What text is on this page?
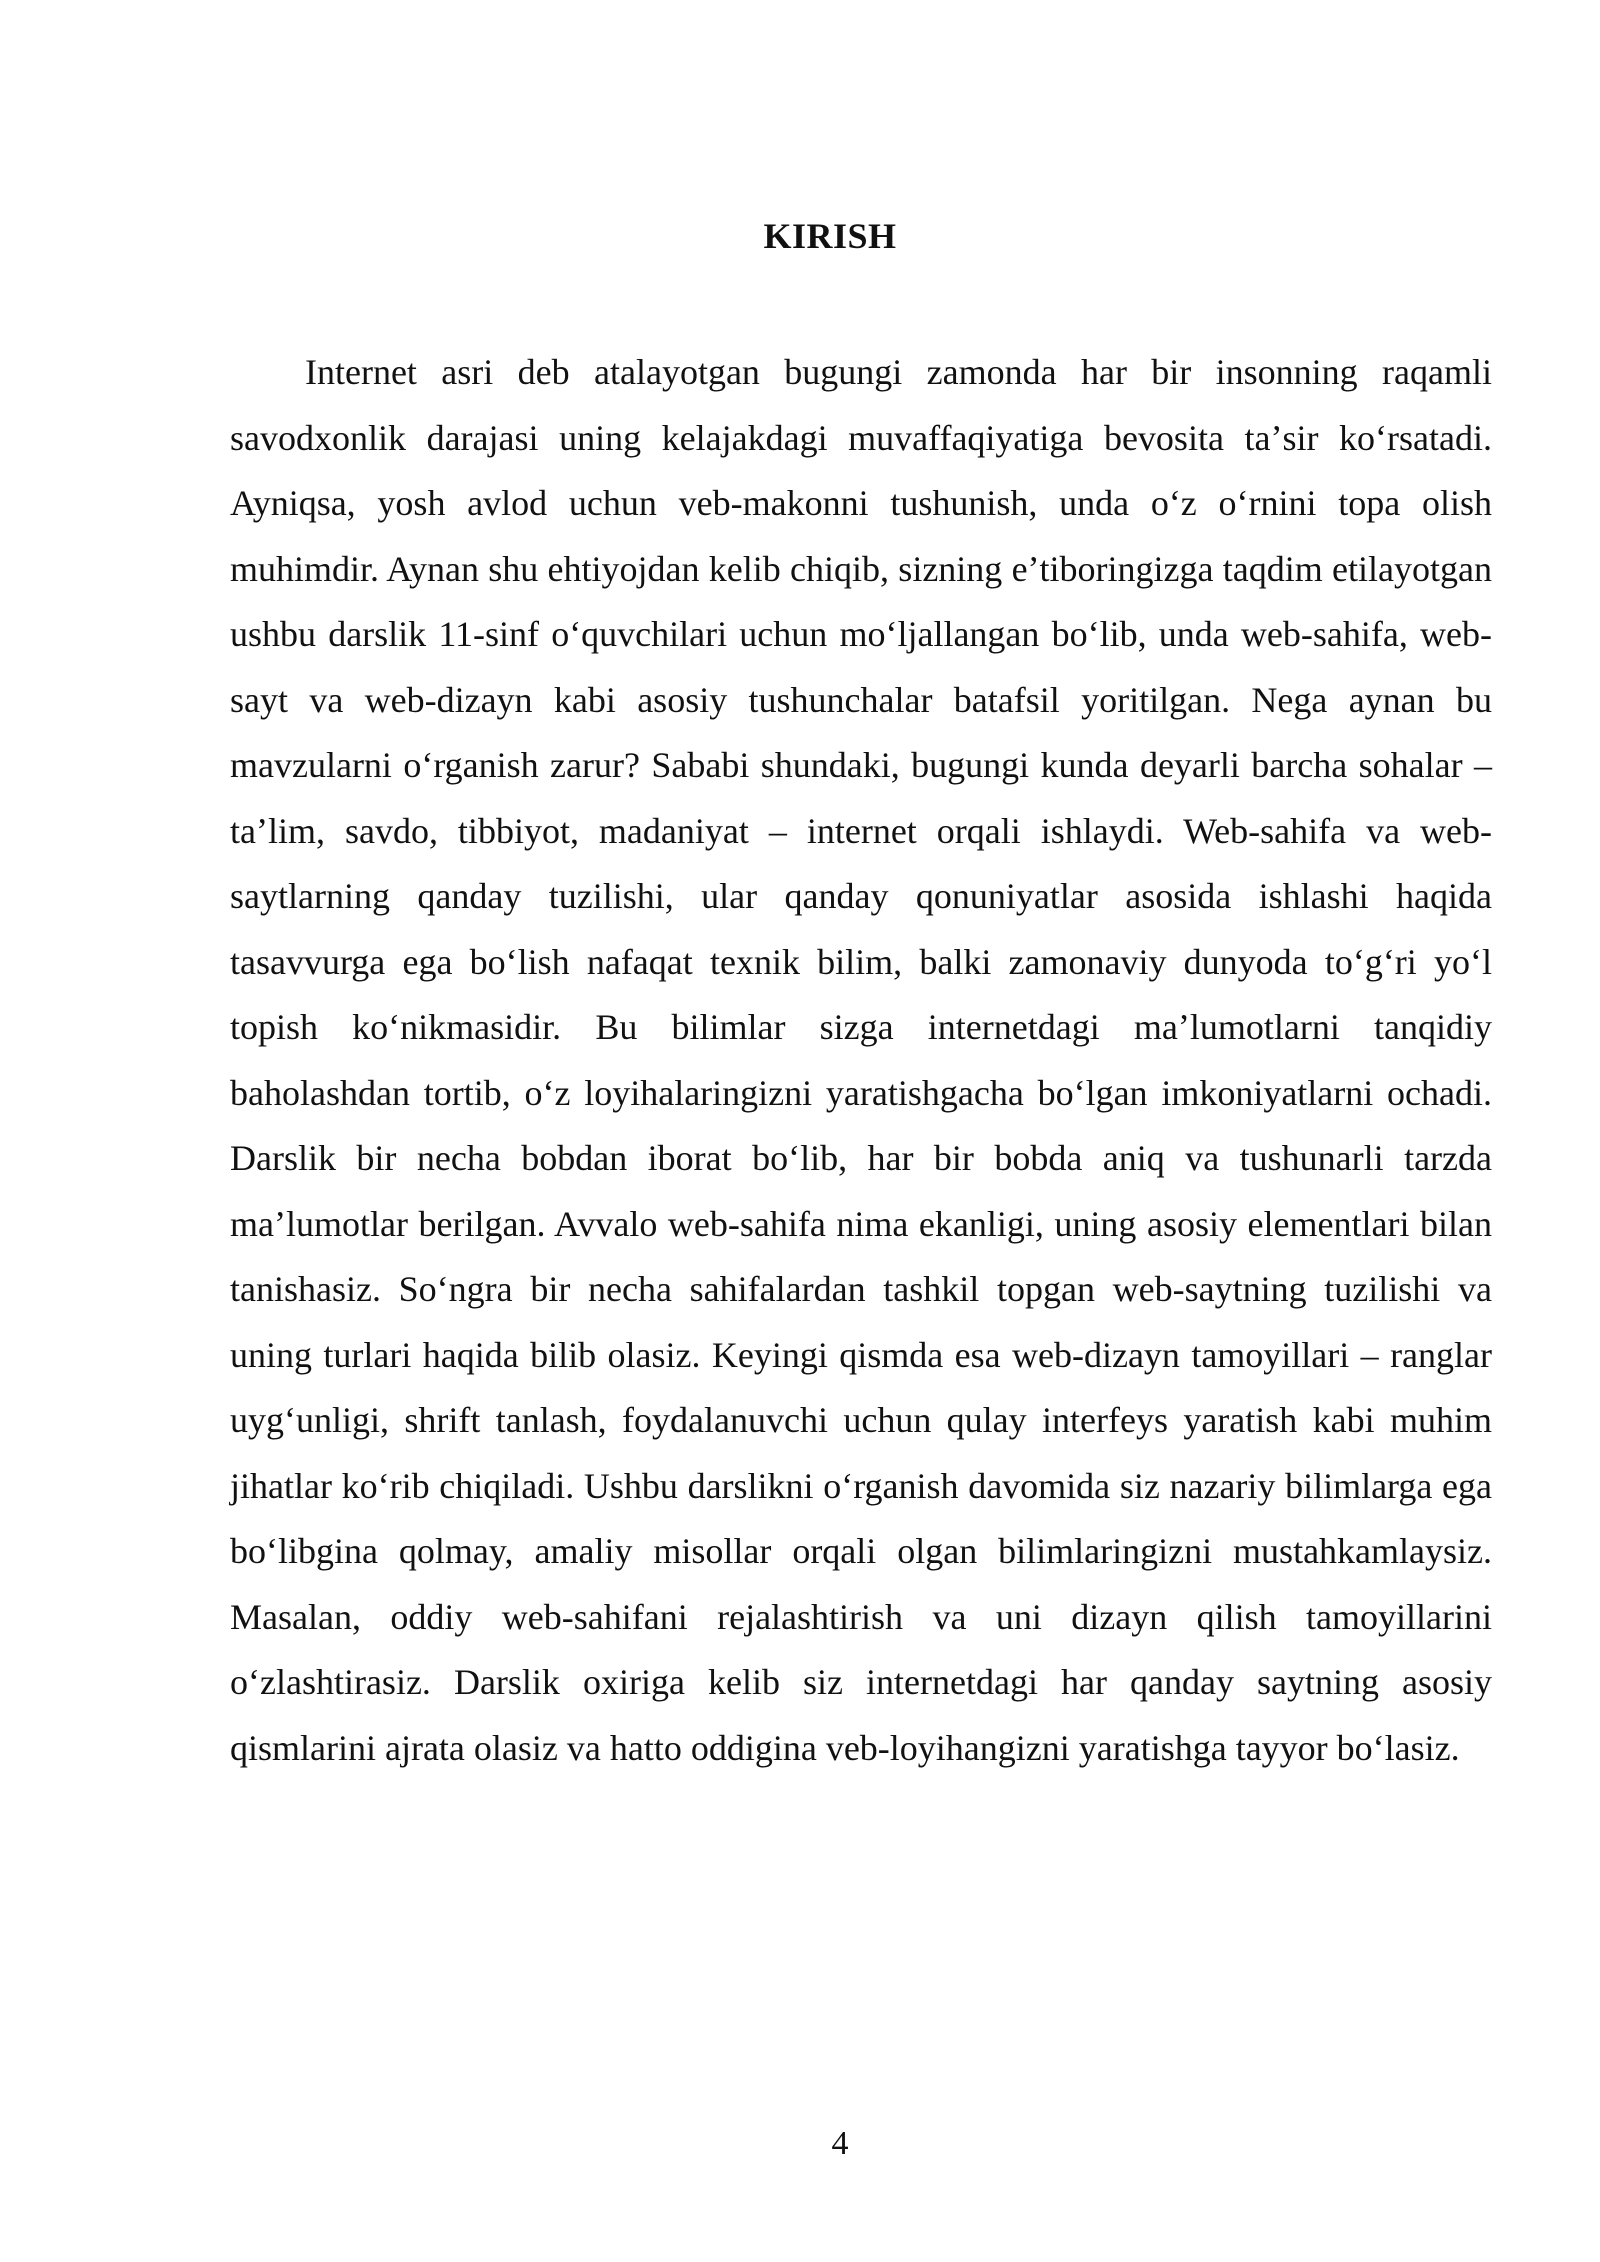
KIRISH

Internet asri deb atalayotgan bugungi zamonda har bir insonning raqamli savodxonlik darajasi uning kelajakdagi muvaffaqiyatiga bevosita taʼsir koʻrsatadi. Ayniqsa, yosh avlod uchun veb-makonni tushunish, unda oʻz oʻrnini topa olish muhimdir. Aynan shu ehtiyojdan kelib chiqib, sizning eʼtiboringizga taqdim etilayotgan ushbu darslik 11-sinf oʻquvchilari uchun moʻljallangan boʻlib, unda web-sahifa, web-sayt va web-dizayn kabi asosiy tushunchalar batafsil yoritilgan. Nega aynan bu mavzularni oʻrganish zarur? Sababi shundaki, bugungi kunda deyarli barcha sohalar – taʼlim, savdo, tibbiyot, madaniyat – internet orqali ishlaydi. Web-sahifa va web-saytlarning qanday tuzilishi, ular qanday qonuniyatlar asosida ishlashi haqida tasavvurga ega boʻlish nafaqat texnik bilim, balki zamonaviy dunyoda toʻgʻri yoʻl topish koʻnikmasidir. Bu bilimlar sizga internetdagi maʼlumotlarni tanqidiy baholashdan tortib, oʻz loyihalaringizni yaratishgacha boʻlgan imkoniyatlarni ochadi. Darslik bir necha bobdan iborat boʻlib, har bir bobda aniq va tushunarli tarzda maʼlumotlar berilgan. Avvalo web-sahifa nima ekanligi, uning asosiy elementlari bilan tanishasiz. Soʻngra bir necha sahifalardan tashkil topgan web-saytning tuzilishi va uning turlari haqida bilib olasiz. Keyingi qismda esa web-dizayn tamoyillari – ranglar uygʻunligi, shrift tanlash, foydalanuvchi uchun qulay interfeys yaratish kabi muhim jihatlar koʻrib chiqiladi. Ushbu darslikni oʻrganish davomida siz nazariy bilimlarga ega boʻlibgina qolmay, amaliy misollar orqali olgan bilimlaringizni mustahkamlaysiz. Masalan, oddiy web-sahifani rejalashtirish va uni dizayn qilish tamoyillarini oʻzlashtirasiz. Darslik oxiriga kelib siz internetdagi har qanday saytning asosiy qismlarini ajrata olasiz va hatto oddigina veb-loyihangizni yaratishga tayyor boʻlasiz.

4
